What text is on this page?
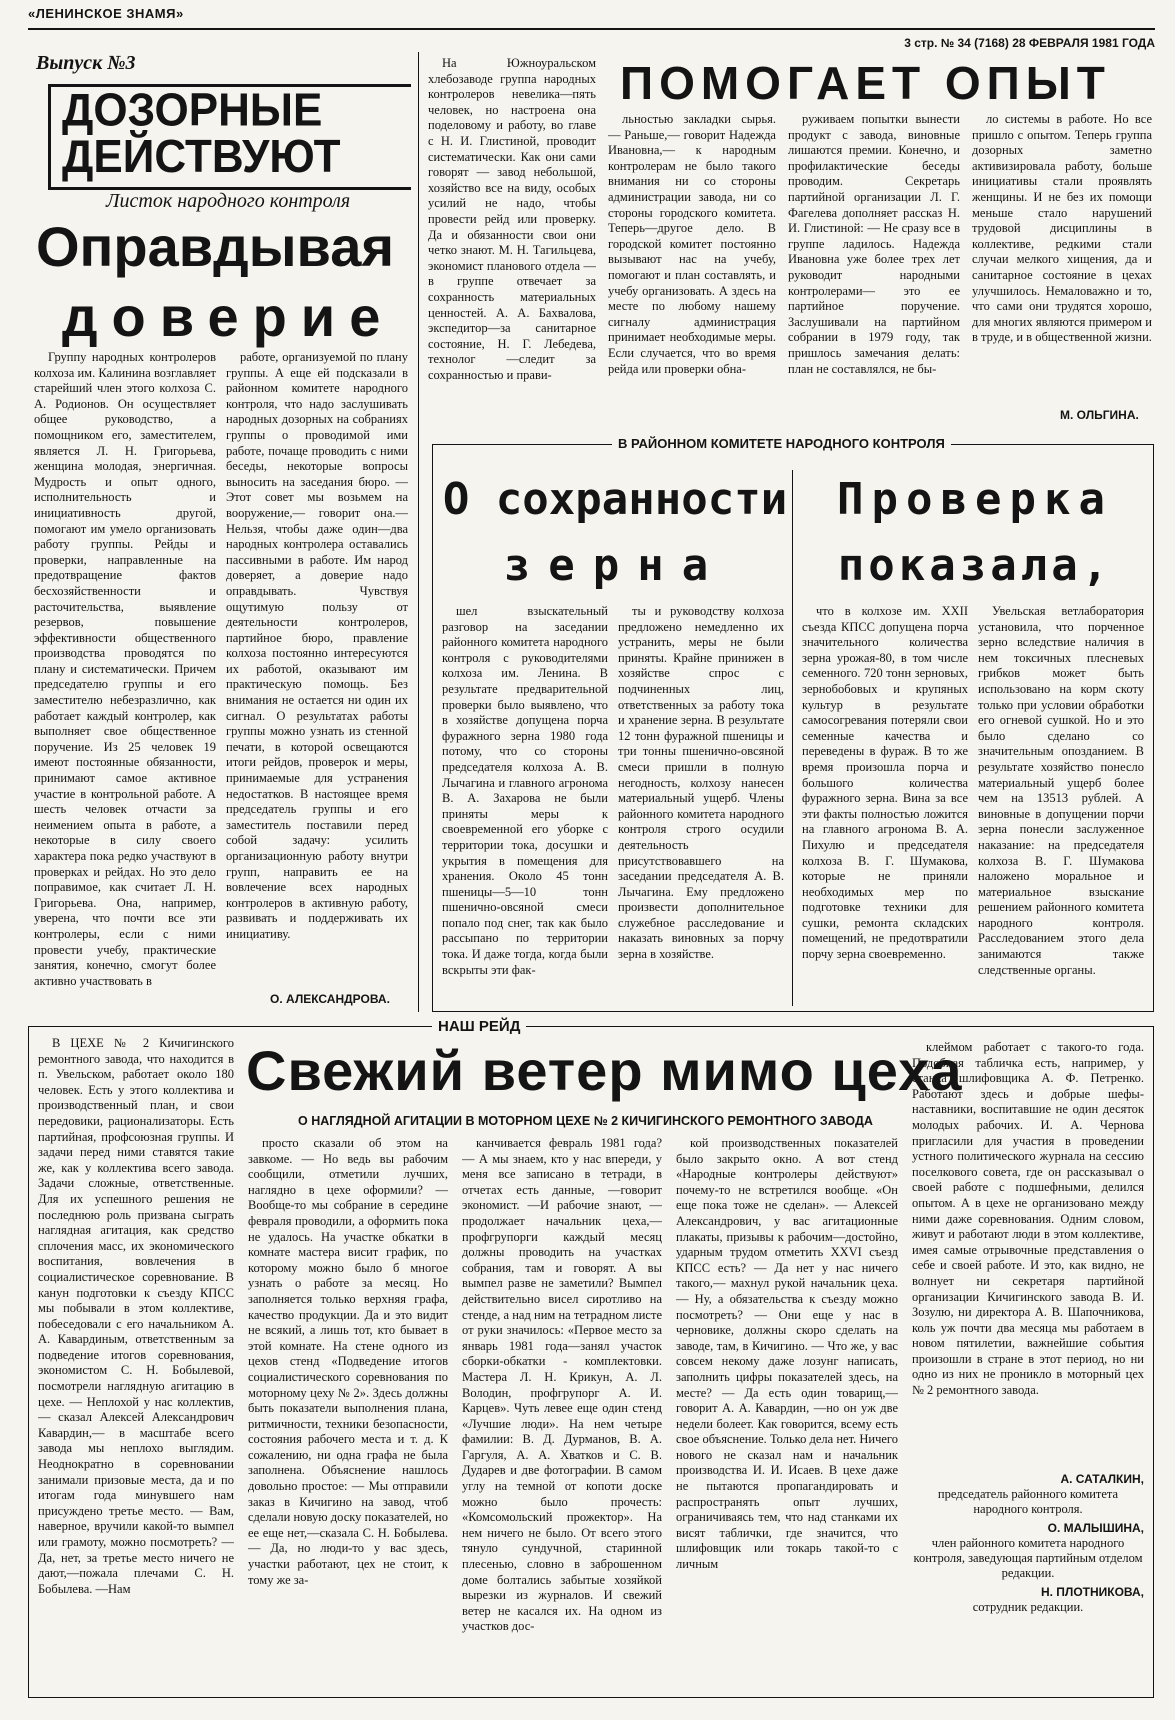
«ЛЕНИНСКОЕ ЗНАМЯ»
3 стр. № 34 (7168) 28 ФЕВРАЛЯ 1981 ГОДА
Выпуск №3
ДОЗОРНЫЕ ДЕЙСТВУЮТ
Листок народного контроля
Оправдывая
доверие

Группу народных контролеров колхоза им. Калинина возглавляет старейший член этого колхоза С. А. Родионов. Он осуществляет общее руководство, а помощником его, заместителем, является Л. Н. Григорьева, женщина молодая, энергичная. Мудрость и опыт одного, исполнительность и инициативность другой, помогают им умело организовать работу группы. Рейды и проверки, направленные на предотвращение фактов бесхозяйственности и расточительства, выявление резервов, повышение эффективности общественного производства проводятся по плану и систематически. Причем председателю группы и его заместителю небезразлично, как работает каждый контролер, как выполняет свое общественное поручение. Из 25 человек 19 имеют постоянные обязанности, принимают самое активное участие в контрольной работе. А шесть человек отчасти за неимением опыта в работе, а некоторые в силу своего характера пока редко участвуют в проверках и рейдах. Но это дело поправимое, как считает Л. Н. Григорьева. Она, например, уверена, что почти все эти контролеры, если с ними провести учебу, практические занятия, конечно, смогут более активно участвовать в

работе, организуемой по плану группы. А еще ей подсказали в районном комитете народного контроля, что надо заслушивать народных дозорных на собраниях группы о проводимой ими работе, почаще проводить с ними беседы, некоторые вопросы выносить на заседания бюро. — Этот совет мы возьмем на вооружение,— говорит она.— Нельзя, чтобы даже один—два народных контролера оставались пассивными в работе. Им народ доверяет, а доверие надо оправдывать. Чувствуя ощутимую пользу от деятельности контролеров, партийное бюро, правление колхоза постоянно интересуются их работой, оказывают им практическую помощь. Без внимания не остается ни один их сигнал. О результатах работы группы можно узнать из стенной печати, в которой освещаются итоги рейдов, проверок и меры, принимаемые для устранения недостатков. В настоящее время председатель группы и его заместитель поставили перед собой задачу: усилить организационную работу внутри групп, направить ее на вовлечение всех народных контролеров в активную работу, развивать и поддерживать их инициативу.

О. АЛЕКСАНДРОВА.
ПОМОГАЕТ ОПЫТ

На Южноуральском хлебозаводе группа народных контролеров невелика—пять человек, но настроена она поделовому и работу, во главе с Н. И. Глистиной, проводит систематически. Как они сами говорят — завод небольшой, хозяйство все на виду, особых усилий не надо, чтобы провести рейд или проверку. Да и обязанности свои они четко знают. М. Н. Тагильцева, экономист планового отдела — в группе отвечает за сохранность материальных ценностей. А. А. Бахвалова, экспедитор—за санитарное состояние, Н. Г. Лебедева, технолог —следит за сохранностью и прави-

льностью закладки сырья. — Раньше,— говорит Надежда Ивановна,— к народным контролерам не было такого внимания ни со стороны администрации завода, ни со стороны городского комитета. Теперь—другое дело. В городской комитет постоянно вызывают нас на учебу, помогают и план составлять, и учебу организовать. А здесь на месте по любому нашему сигналу администрация принимает необходимые меры. Если случается, что во время рейда или проверки обна-

руживаем попытки вынести продукт с завода, виновные лишаются премии. Конечно, и профилактические беседы проводим. Секретарь партийной организации Л. Г. Фагелева дополняет рассказ Н. И. Глистиной: — Не сразу все в группе ладилось. Надежда Ивановна уже более трех лет руководит народными контролерами— это ее партийное поручение. Заслушивали на партийном собрании в 1979 году, так пришлось замечания делать: план не составлялся, не бы-

ло системы в работе. Но все пришло с опытом. Теперь группа дозорных заметно активизировала работу, больше инициативы стали проявлять женщины. И не без их помощи меньше стало нарушений трудовой дисциплины в коллективе, редкими стали случаи мелкого хищения, да и санитарное состояние в цехах улучшилось. Немаловажно и то, что сами они трудятся хорошо, для многих являются примером и в труде, и в общественной жизни.

М. ОЛЬГИНА.
В РАЙОННОМ КОМИТЕТЕ НАРОДНОГО КОНТРОЛЯ
О сохранности
зерна
Проверка
показала,

шел взыскательный разговор на заседании районного комитета народного контроля с руководителями колхоза им. Ленина. В результате предварительной проверки было выявлено, что в хозяйстве допущена порча фуражного зерна 1980 года потому, что со стороны председателя колхоза А. В. Лычагина и главного агронома В. А. Захарова не были приняты меры к своевременной его уборке с территории тока, досушки и укрытия в помещения для хранения. Около 45 тонн пшеницы—5—10 тонн пшенично-овсяной смеси попало под снег, так как было рассыпано по территории тока. И даже тогда, когда были вскрыты эти фак-

ты и руководству колхоза предложено немедленно их устранить, меры не были приняты. Крайне принижен в хозяйстве спрос с подчиненных лиц, ответственных за работу тока и хранение зерна. В результате 12 тонн фуражной пшеницы и три тонны пшенично-овсяной смеси пришли в полную негодность, колхозу нанесен материальный ущерб. Члены районного комитета народного контроля строго осудили деятельность присутствовавшего на заседании председателя А. В. Лычагина. Ему предложено произвести дополнительное служебное расследование и наказать виновных за порчу зерна в хозяйстве.

что в колхозе им. XXII съезда КПСС допущена порча значительного количества зерна урожая-80, в том числе семенного. 720 тонн зерновых, зернобобовых и крупяных культур в результате самосогревания потеряли свои семенные качества и переведены в фураж. В то же время произошла порча и большого количества фуражного зерна. Вина за все эти факты полностью ложится на главного агронома В. А. Пихулю и председателя колхоза В. Г. Шумакова, которые не приняли необходимых мер по подготовке техники для сушки, ремонта складских помещений, не предотвратили порчу зерна своевременно.

Увельская ветлаборатория установила, что порченное зерно вследствие наличия в нем токсичных плесневых грибков может быть использовано на корм скоту только при условии обработки его огневой сушкой. Но и это было сделано со значительным опозданием. В результате хозяйство понесло материальный ущерб более чем на 13513 рублей. А виновные в допущении порчи зерна понесли заслуженное наказание: на председателя колхоза В. Г. Шумакова наложено моральное и материальное взыскание решением районного комитета народного контроля. Расследованием этого дела занимаются также следственные органы.

НАШ РЕЙД
Свежий ветер мимо цеха
О НАГЛЯДНОЙ АГИТАЦИИ В МОТОРНОМ ЦЕХЕ № 2 КИЧИГИНСКОГО РЕМОНТНОГО ЗАВОДА

В ЦЕХЕ № 2 Кичигинского ремонтного завода, что находится в п. Увельском, работает около 180 человек. Есть у этого коллектива и производственный план, и свои передовики, рационализаторы. Есть партийная, профсоюзная группы. И задачи перед ними ставятся такие же, как у коллектива всего завода. Задачи сложные, ответственные. Для их успешного решения не последнюю роль призвана сыграть наглядная агитация, как средство сплочения масс, их экономического воспитания, вовлечения в социалистическое соревнование. В канун подготовки к съезду КПСС мы побывали в этом коллективе, побеседовали с его начальником А. А. Кавардиным, ответственным за подведение итогов соревнования, экономистом С. Н. Бобылевой, посмотрели наглядную агитацию в цехе. — Неплохой у нас коллектив,— сказал Алексей Александрович Кавардин,— в масштабе всего завода мы неплохо выглядим. Неоднократно в соревновании занимали призовые места, да и по итогам года минувшего нам присуждено третье место. — Вам, наверное, вручили какой-то вымпел или грамоту, можно посмотреть? — Да, нет, за третье место ничего не дают,—пожала плечами С. Н. Бобылева. —Нам

просто сказали об этом на завкоме. — Но ведь вы рабочим сообщили, отметили лучших, наглядно в цехе оформили? —Вообще-то мы собрание в середине февраля проводили, а оформить пока не удалось. На участке обкатки в комнате мастера висит график, по которому можно было б многое узнать о работе за месяц. Но заполняется только верхняя графа, качество продукции. Да и это видит не всякий, а лишь тот, кто бывает в этой комнате. На стене одного из цехов стенд «Подведение итогов социалистического соревнования по моторному цеху № 2». Здесь должны быть показатели выполнения плана, ритмичности, техники безопасности, состояния рабочего места и т. д. К сожалению, ни одна графа не была заполнена. Объяснение нашлось довольно простое: — Мы отправили заказ в Кичигино на завод, чтоб сделали новую доску показателей, но ее еще нет,—сказала С. Н. Бобылева. — Да, но люди-то у вас здесь, участки работают, цех не стоит, к тому же за-

канчивается февраль 1981 года? — А мы знаем, кто у нас впереди, у меня все записано в тетради, в отчетах есть данные, —говорит экономист. —И рабочие знают, —продолжает начальник цеха,—профгрупорги каждый месяц должны проводить на участках собрания, там и говорят. А вы вымпел разве не заметили? Вымпел действительно висел сиротливо на стенде, а над ним на тетрадном листе от руки значилось: «Первое место за январь 1981 года—занял участок сборки-обкатки - комплектовки. Мастера Л. Н. Крикун, А. Л. Володин, профгрупорг А. И. Карцев». Чуть левее еще один стенд «Лучшие люди». На нем четыре фамилии: В. Д. Дурманов, В. А. Гаргуля, А. А. Хватков и С. В. Дударев и две фотографии. В самом углу на темной от копоти доске можно было прочесть: «Комсомольский прожектор». На нем ничего не было. От всего этого тянуло сундучной, старинной плесенью, словно в заброшенном доме болтались забытые хозяйкой вырезки из журналов. И свежий ветер не касался их. На одном из участков дос-

кой производственных показателей было закрыто окно. А вот стенд «Народные контролеры действуют» почему-то не встретился вообще. «Он еще пока тоже не сделан». — Алексей Александрович, у вас агитационные плакаты, призывы к рабочим—достойно, ударным трудом отметить XXVI съезд КПСС есть? — Да нет у нас ничего такого,— махнул рукой начальник цеха. — Ну, а обязательства к съезду можно посмотреть? — Они еще у нас в черновике, должны скоро сделать на заводе, там, в Кичигино. — Что же, у вас совсем некому даже лозунг написать, заполнить цифры показателей здесь, на месте? — Да есть один товарищ,—говорит А. А. Кавардин, —но он уж две недели болеет. Как говорится, всему есть свое объяснение. Только дела нет. Ничего нового не сказал нам и начальник производства И. И. Исаев. В цехе даже не пытаются пропагандировать и распространять опыт лучших, ограничиваясь тем, что над станками их висят таблички, где значится, что шлифовщик или токарь такой-то с личным

клеймом работает с такого-то года. Подобная табличка есть, например, у станка шлифовщика А. Ф. Петренко. Работают здесь и добрые шефы-наставники, воспитавшие не один десяток молодых рабочих. И. А. Чернова пригласили для участия в проведении устного политического журнала на сессию поселкового совета, где он рассказывал о своей работе с подшефными, делился опытом. А в цехе не организовано между ними даже соревнования. Одним словом, живут и работают люди в этом коллективе, имея самые отрывочные представления о себе и своей работе. И это, как видно, не волнует ни секретаря партийной организации Кичигинского завода В. И. Зозулю, ни директора А. В. Шапочникова, коль уж почти два месяца мы работаем в новом пятилетии, важнейшие события произошли в стране в этот период, но ни одно из них не проникло в моторный цех № 2 ремонтного завода.

А. САТАЛКИН,
председатель районного комитета народного контроля.
О. МАЛЫШИНА,
член районного комитета народного контроля, заведующая партийным отделом редакции.
Н. ПЛОТНИКОВА,
сотрудник редакции.
